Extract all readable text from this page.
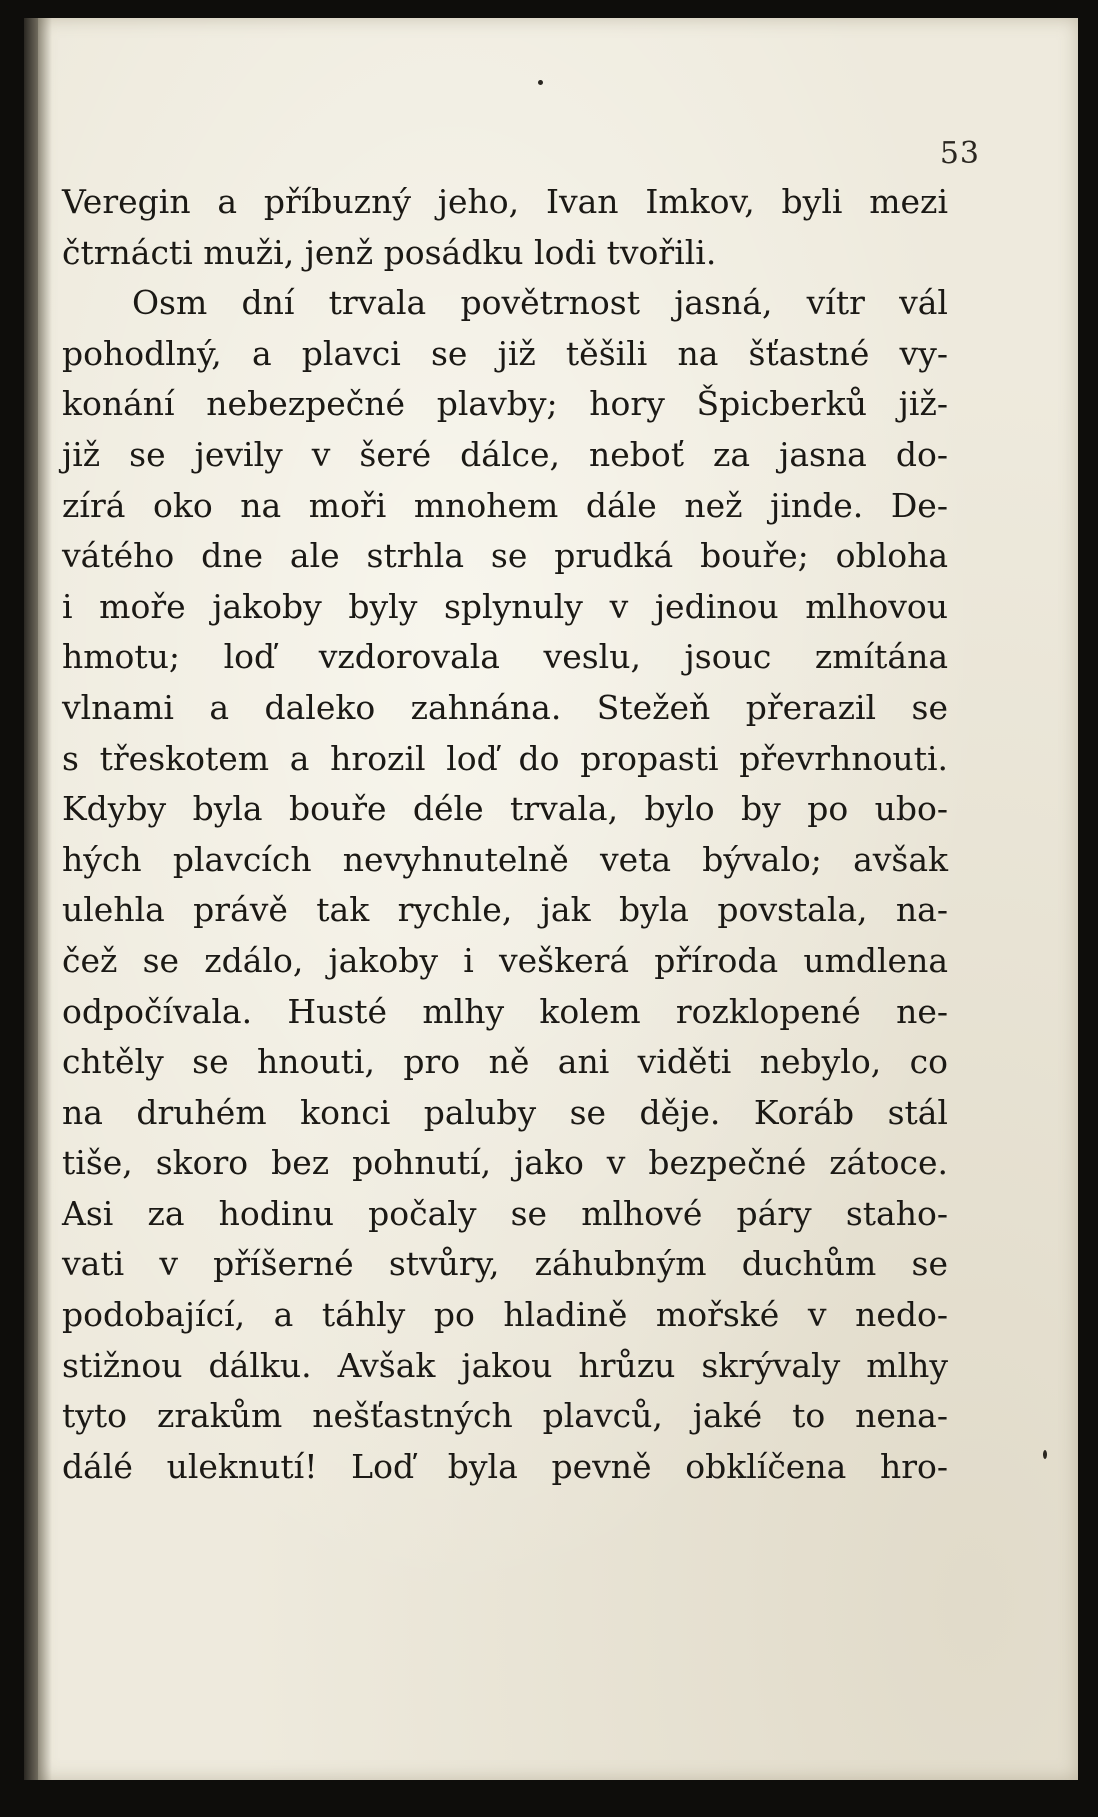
53
Veregin a příbuzný jeho, Ivan Imkov, byli mezi
čtrnácti muži, jenž posádku lodi tvořili.
Osm dní trvala povětrnost jasná, vítr vál
pohodlný, a plavci se již těšili na šťastné vy-
konání nebezpečné plavby; hory Špicberků již-
již se jevily v šeré dálce, neboť za jasna do-
zírá oko na moři mnohem dále než jinde. De-
vátého dne ale strhla se prudká bouře; obloha
i moře jakoby byly splynuly v jedinou mlhovou
hmotu; loď vzdorovala veslu, jsouc zmítána
vlnami a daleko zahnána. Stežeň přerazil se
s třeskotem a hrozil loď do propasti převrhnouti.
Kdyby byla bouře déle trvala, bylo by po ubo-
hých plavcích nevyhnutelně veta bývalo; avšak
ulehla právě tak rychle, jak byla povstala, na-
čež se zdálo, jakoby i veškerá příroda umdlena
odpočívala. Husté mlhy kolem rozklopené ne-
chtěly se hnouti, pro ně ani viděti nebylo, co
na druhém konci paluby se děje. Koráb stál
tiše, skoro bez pohnutí, jako v bezpečné zátoce.
Asi za hodinu počaly se mlhové páry staho-
vati v příšerné stvůry, záhubným duchům se
podobající, a táhly po hladině mořské v nedo-
stižnou dálku. Avšak jakou hrůzu skrývaly mlhy
tyto zrakům nešťastných plavců, jaké to nena-
dálé uleknutí! Loď byla pevně obklíčena hro-
